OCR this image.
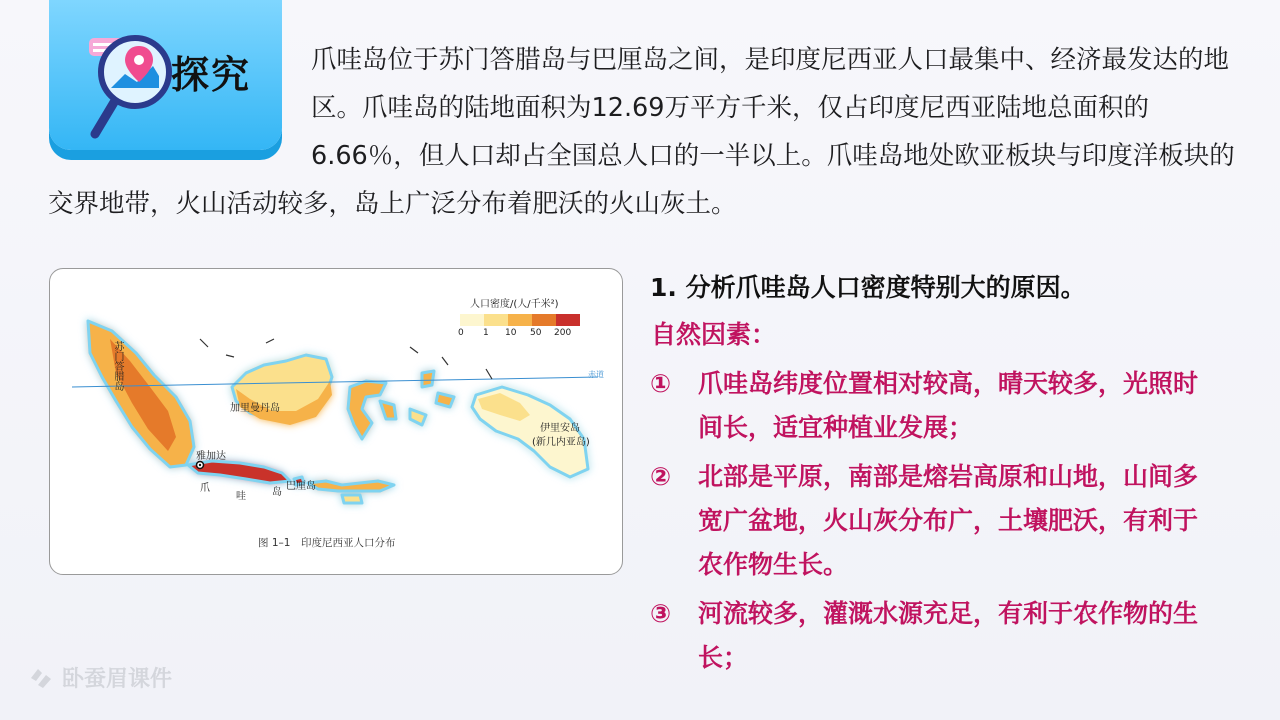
探究	爪哇岛位于苏门答腊岛与巴厘岛之间，是印度尼西亚人口最集中、经济最发达的地区。爪哇岛的陆地面积为12.69万平方千米，仅占印度尼西亚陆地总面积的6.66％，但人口却占全国总人口的一半以上。爪哇岛地处欧亚板块与印度洋板块的交界地带，火山活动较多，岛上广泛分布着肥沃的火山灰土。

人口密度/(人/千米²)
0 1 10 50 200
苏门答腊岛
加里曼丹岛
伊里安岛
(新几内亚岛)
雅加达
巴厘岛
爪
哇	岛
赤道
图 1–1　印度尼西亚人口分布
1. 分析爪哇岛人口密度特别大的原因。
自然因素：
①	爪哇岛纬度位置相对较高，晴天较多，光照时间长，适宜种植业发展；
②	北部是平原，南部是熔岩高原和山地，山间多宽广盆地，火山灰分布广，土壤肥沃，有利于农作物生长。
③	河流较多，灌溉水源充足，有利于农作物的生长；
卧蚕眉课件
